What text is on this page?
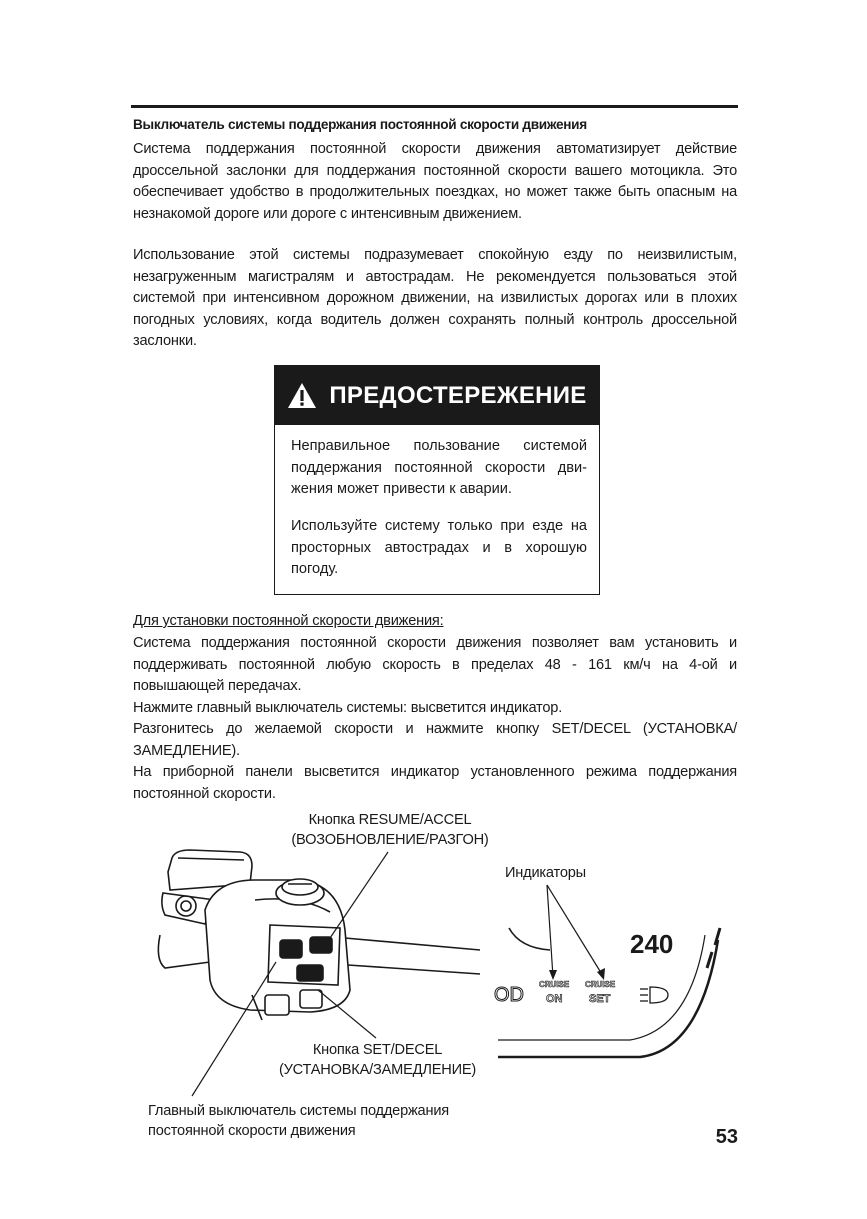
Выключатель системы поддержания постоянной скорости движения
Система поддержания постоянной скорости движения автоматизирует действие дроссельной заслонки для поддержания постоянной скорости вашего мотоцикла. Это обеспечивает удобство в продолжительных поездках, но может также быть опасным на незнакомой дороге или дороге с интенсивным движением.
Использование этой системы подразумевает спокойную езду по неизвилистым, незагруженным магистралям и автострадам. Не рекомендуется пользоваться этой системой при интенсивном дорожном движении, на извилистых дорогах или в плохих погодных условиях, когда водитель должен сохранять полный контроль дроссельной заслонки.
ПРЕДОСТЕРЕЖЕНИЕ
Неправильное пользование системой поддержания постоянной скорости дви-жения может привести к аварии.
Используйте систему только при езде на просторных автострадах и в хорошую погоду.
Для установки постоянной скорости движения:

Система поддержания постоянной скорости движения позволяет вам установить и поддерживать постоянной любую скорость в пределах 48 - 161 км/ч на 4-ой и повышающей передачах.

Нажмите главный выключатель системы: высветится индикатор.

Разгонитесь до желаемой скорости и нажмите кнопку SET/DECEL (УСТАНОВКА/ ЗАМЕДЛЕНИЕ).

На приборной панели высветится индикатор установленного режима поддержания постоянной скорости.

240
OD CRUISE
ON
CRUISE
SET
Кнопка RESUME/ACCEL
(ВОЗОБНОВЛЕНИЕ/РАЗГОН)
Индикаторы
Кнопка SET/DECEL
(УСТАНОВКА/ЗАМЕДЛЕНИЕ)
Главный выключатель системы поддержания
постоянной скорости движения	53
